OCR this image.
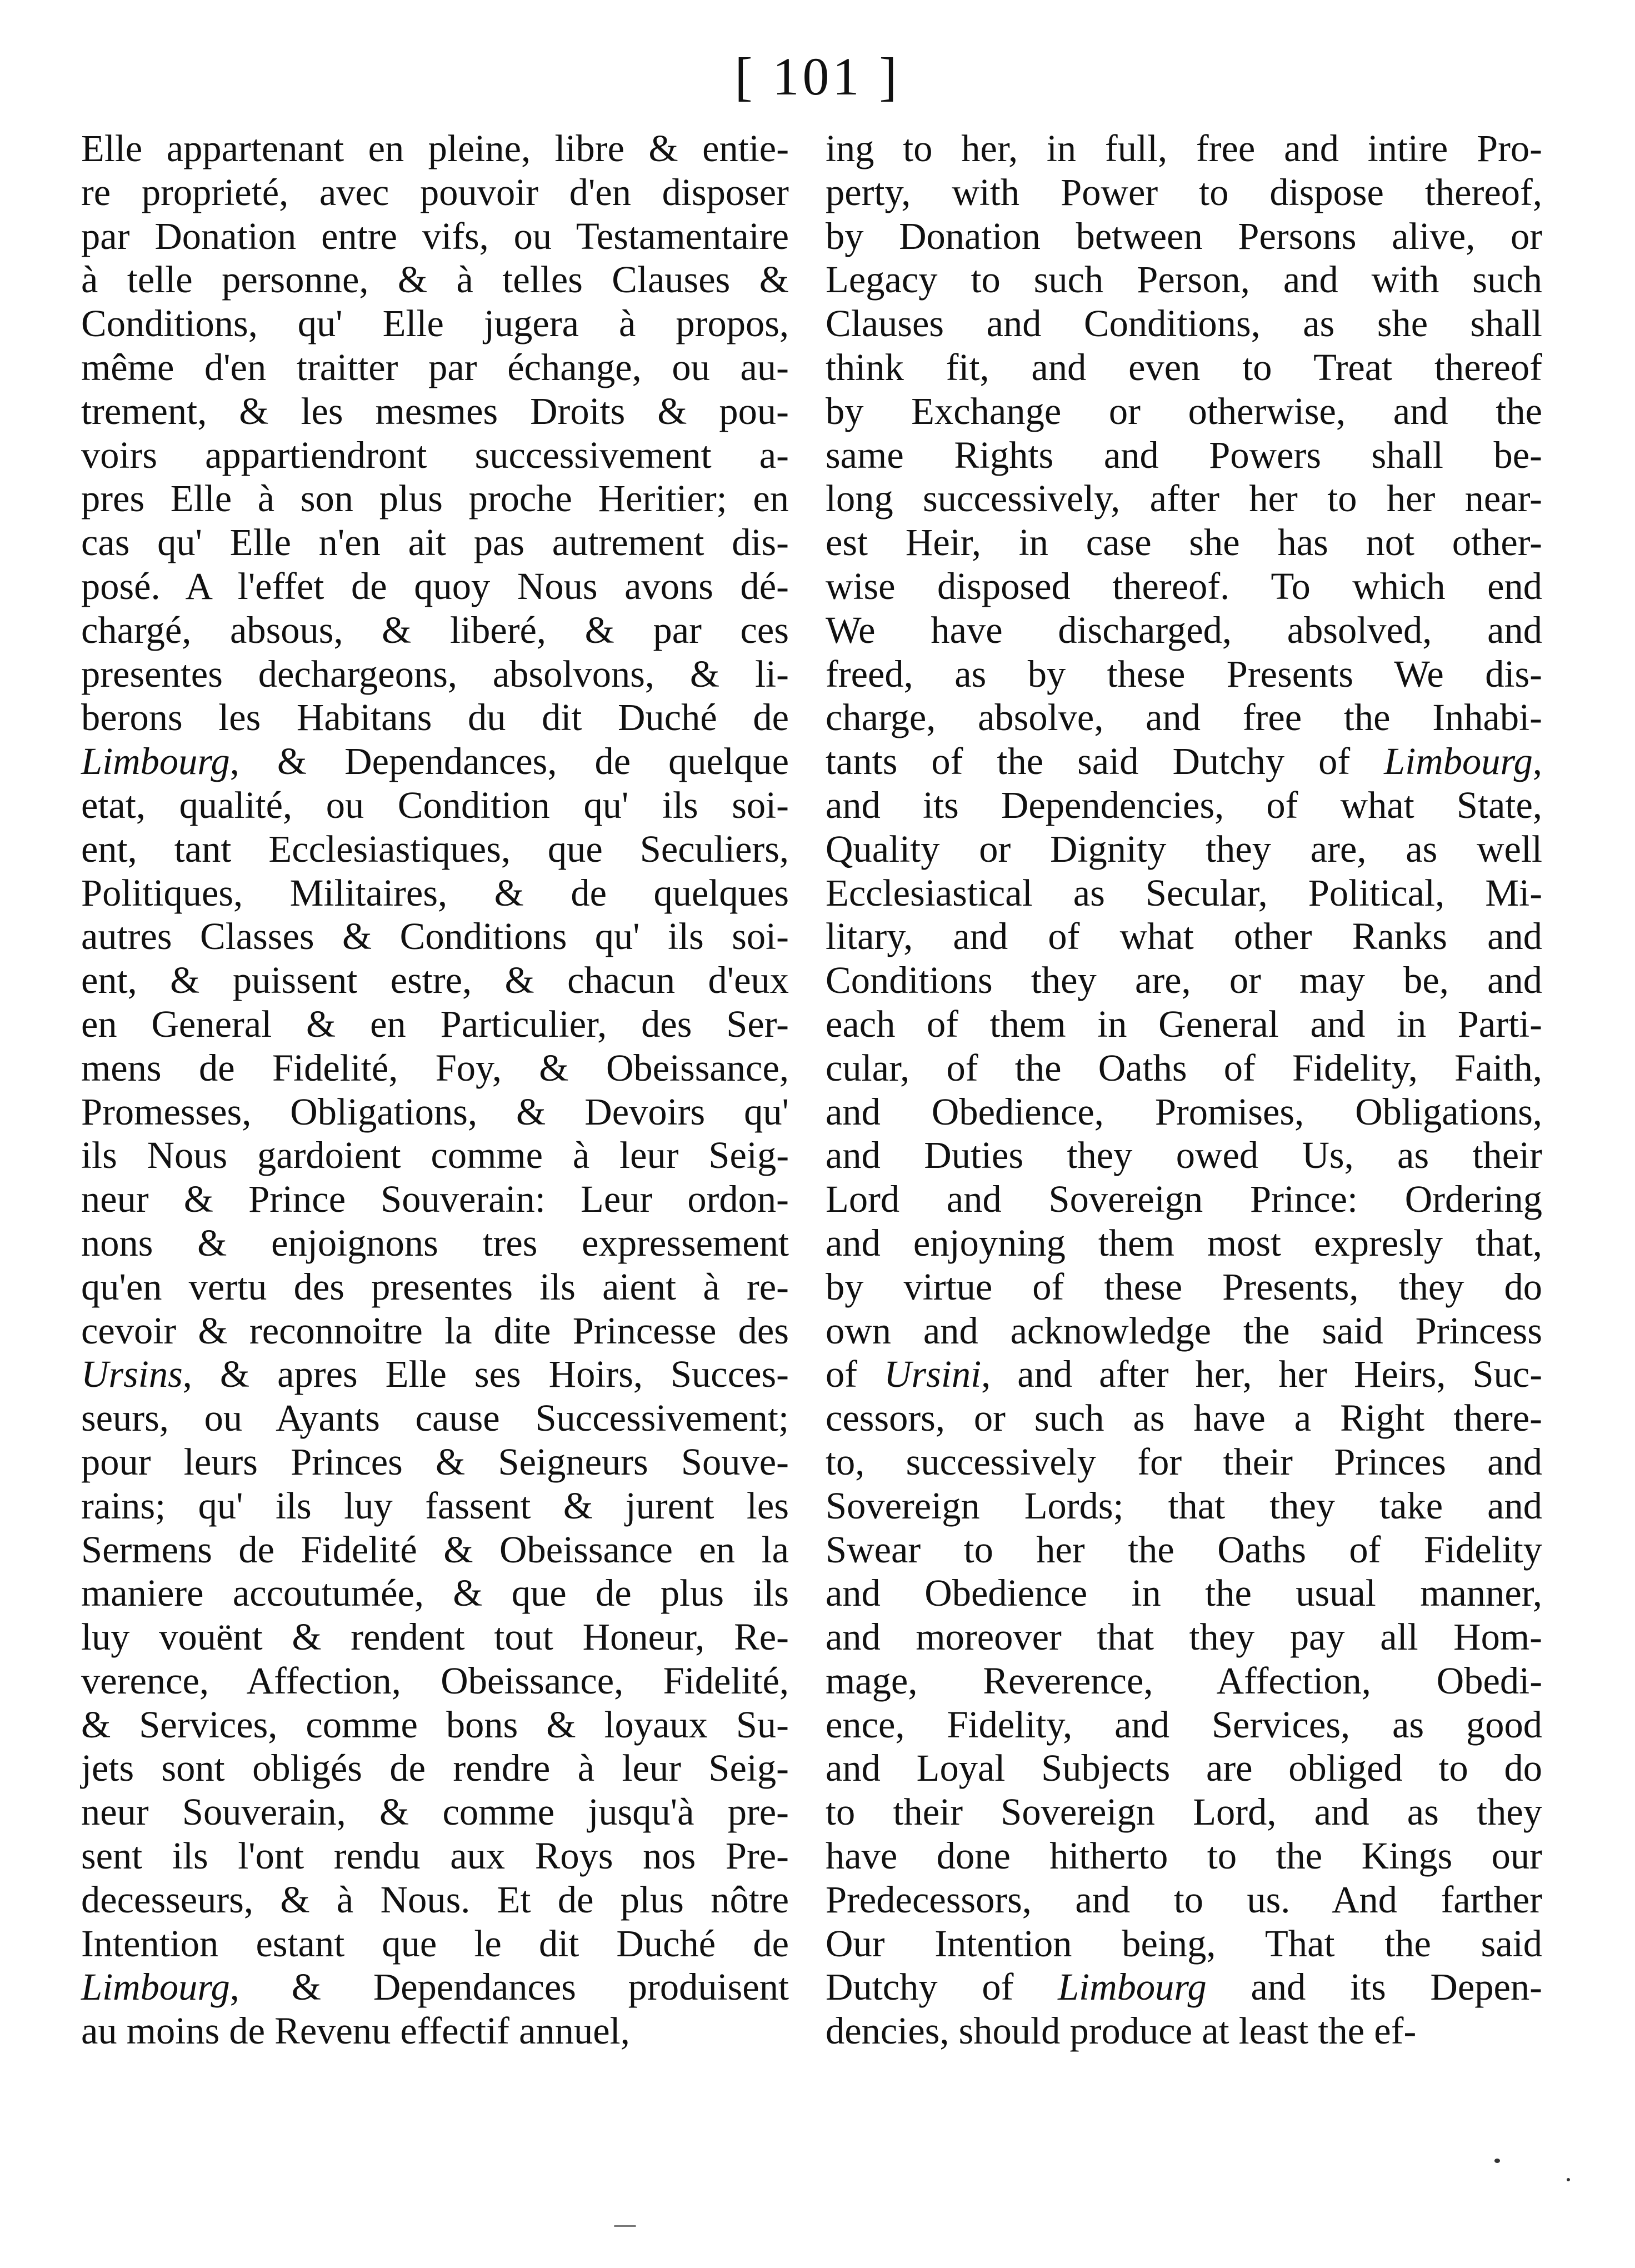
[ 101 ]
Elle appartenant en pleine, libre & entie-
re proprieté, avec pouvoir d'en disposer
par Donation entre vifs, ou Testamentaire
à telle personne, & à telles Clauses &
Conditions, qu' Elle jugera à propos,
même d'en traitter par échange, ou au-
trement, & les mesmes Droits & pou-
voirs appartiendront successivement a-
pres Elle à son plus proche Heritier; en
cas qu' Elle n'en ait pas autrement dis-
posé. A l'effet de quoy Nous avons dé-
chargé, absous, & liberé, & par ces
presentes dechargeons, absolvons, & li-
berons les Habitans du dit Duché de
Limbourg, & Dependances, de quelque
etat, qualité, ou Condition qu' ils soi-
ent, tant Ecclesiastiques, que Seculiers,
Politiques, Militaires, & de quelques
autres Classes & Conditions qu' ils soi-
ent, & puissent estre, & chacun d'eux
en General & en Particulier, des Ser-
mens de Fidelité, Foy, & Obeissance,
Promesses, Obligations, & Devoirs qu'
ils Nous gardoient comme à leur Seig-
neur & Prince Souverain: Leur ordon-
nons & enjoignons tres expressement
qu'en vertu des presentes ils aient à re-
cevoir & reconnoitre la dite Princesse des
Ursins, & apres Elle ses Hoirs, Succes-
seurs, ou Ayants cause Successivement;
pour leurs Princes & Seigneurs Souve-
rains; qu' ils luy fassent & jurent les
Sermens de Fidelité & Obeissance en la
maniere accoutumée, & que de plus ils
luy vouënt & rendent tout Honeur, Re-
verence, Affection, Obeissance, Fidelité,
& Services, comme bons & loyaux Su-
jets sont obligés de rendre à leur Seig-
neur Souverain, & comme jusqu'à pre-
sent ils l'ont rendu aux Roys nos Pre-
decesseurs, & à Nous. Et de plus nôtre
Intention estant que le dit Duché de
Limbourg, & Dependances produisent
au moins de Revenu effectif annuel,
ing to her, in full, free and intire Pro-
perty, with Power to dispose thereof,
by Donation between Persons alive, or
Legacy to such Person, and with such
Clauses and Conditions, as she shall
think fit, and even to Treat thereof
by Exchange or otherwise, and the
same Rights and Powers shall be-
long successively, after her to her near-
est Heir, in case she has not other-
wise disposed thereof. To which end
We have discharged, absolved, and
freed, as by these Presents We dis-
charge, absolve, and free the Inhabi-
tants of the said Dutchy of Limbourg,
and its Dependencies, of what State,
Quality or Dignity they are, as well
Ecclesiastical as Secular, Political, Mi-
litary, and of what other Ranks and
Conditions they are, or may be, and
each of them in General and in Parti-
cular, of the Oaths of Fidelity, Faith,
and Obedience, Promises, Obligations,
and Duties they owed Us, as their
Lord and Sovereign Prince: Ordering
and enjoyning them most expresly that,
by virtue of these Presents, they do
own and acknowledge the said Princess
of Ursini, and after her, her Heirs, Suc-
cessors, or such as have a Right there-
to, successively for their Princes and
Sovereign Lords; that they take and
Swear to her the Oaths of Fidelity
and Obedience in the usual manner,
and moreover that they pay all Hom-
mage, Reverence, Affection, Obedi-
ence, Fidelity, and Services, as good
and Loyal Subjects are obliged to do
to their Sovereign Lord, and as they
have done hitherto to the Kings our
Predecessors, and to us. And farther
Our Intention being, That the said
Dutchy of Limbourg and its Depen-
dencies, should produce at least the ef-
